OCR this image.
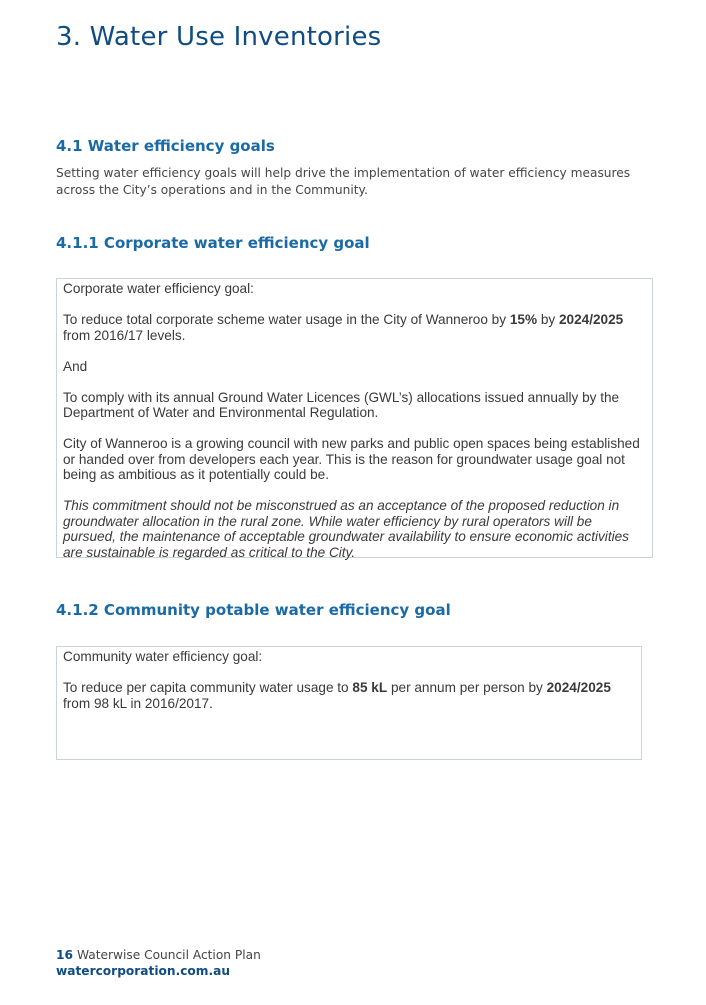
3. Water Use Inventories
4.1 Water efficiency goals

Setting water efficiency goals will help drive the implementation of water efficiency measures across the City’s operations and in the Community.

4.1.1 Corporate water efficiency goal

Corporate water efficiency goal:

To reduce total corporate scheme water usage in the City of Wanneroo by 15% by 2024/2025 from 2016/17 levels.

And

To comply with its annual Ground Water Licences (GWL’s) allocations issued annually by the Department of Water and Environmental Regulation.

City of Wanneroo is a growing council with new parks and public open spaces being established or handed over from developers each year. This is the reason for groundwater usage goal not being as ambitious as it potentially could be.

This commitment should not be misconstrued as an acceptance of the proposed reduction in groundwater allocation in the rural zone. While water efficiency by rural operators will be pursued, the maintenance of acceptable groundwater availability to ensure economic activities are sustainable is regarded as critical to the City.

4.1.2 Community potable water efficiency goal

Community water efficiency goal:

To reduce per capita community water usage to 85 kL per annum per person by 2024/2025 from 98 kL in 2016/2017.

16 Waterwise Council Action Plan
watercorporation.com.au
